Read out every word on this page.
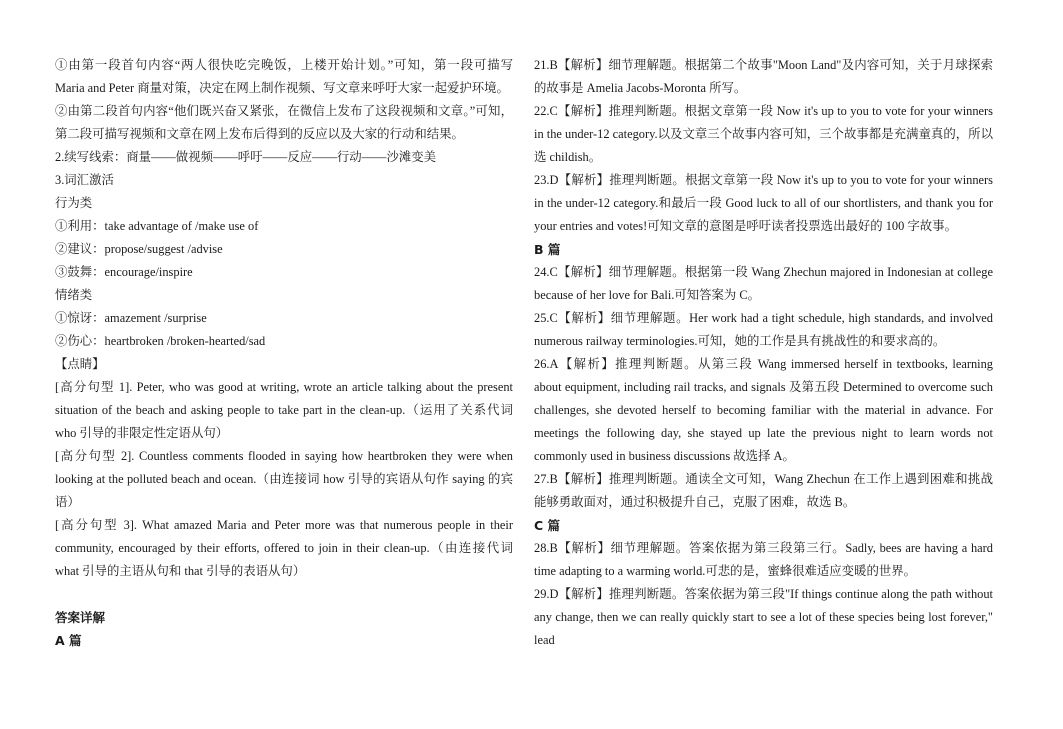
①由第一段首句内容“两人很快吃完晚饭，上楼开始计划。”可知，第一段可描写 Maria and Peter 商量对策，决定在网上制作视频、写文章来呼吁大家一起爱护环境。

②由第二段首句内容“他们既兴奋又紧张，在微信上发布了这段视频和文章。”可知，第二段可描写视频和文章在网上发布后得到的反应以及大家的行动和结果。

2.续写线索：商量——做视频——呼吁——反应——行动——沙滩变美

3.词汇激活

行为类

①利用：take advantage of /make use of

②建议：propose/suggest /advise

③鼓舞：encourage/inspire

情绪类

①惊讶：amazement /surprise

②伤心：heartbroken /broken-hearted/sad

【点睛】

[高分句型 1]. Peter, who was good at writing, wrote an article talking about the present situation of the beach and asking people to take part in the clean-up.（运用了关系代词 who 引导的非限定性定语从句）

[高分句型 2]. Countless comments flooded in saying how heartbroken they were when looking at the polluted beach and ocean.（由连接词 how 引导的宾语从句作 saying 的宾语）

[高分句型 3]. What amazed Maria and Peter more was that numerous people in their community, encouraged by their efforts, offered to join in their clean-up.（由连接代词 what 引导的主语从句和 that 引导的表语从句）

答案详解

A 篇

21.B【解析】细节理解题。根据第二个故事"Moon Land"及内容可知，关于月球探索的故事是 Amelia Jacobs-Moronta 所写。

22.C【解析】推理判断题。根据文章第一段 Now it's up to you to vote for your winners in the under-12 category.以及文章三个故事内容可知，三个故事都是充满童真的，所以选 childish。

23.D【解析】推理判断题。根据文章第一段 Now it's up to you to vote for your winners in the under-12 category.和最后一段 Good luck to all of our shortlisters, and thank you for your entries and votes!可知文章的意图是呼吁读者投票选出最好的 100 字故事。

B 篇

24.C【解析】细节理解题。根据第一段 Wang Zhechun majored in Indonesian at college because of her love for Bali.可知答案为 C。

25.C【解析】细节理解题。Her work had a tight schedule, high standards, and involved numerous railway terminologies.可知，她的工作是具有挑战性的和要求高的。

26.A【解析】推理判断题。从第三段 Wang immersed herself in textbooks, learning about equipment, including rail tracks, and signals 及第五段 Determined to overcome such challenges, she devoted herself to becoming familiar with the material in advance. For meetings the following day, she stayed up late the previous night to learn words not commonly used in business discussions 故选择 A。

27.B【解析】推理判断题。通读全文可知，Wang Zhechun 在工作上遇到困难和挑战能够勇敢面对，通过积极提升自己，克服了困难，故选 B。

C 篇

28.B【解析】细节理解题。答案依据为第三段第三行。Sadly, bees are having a hard time adapting to a warming world.可悲的是，蜜蜂很难适应变暖的世界。

29.D【解析】推理判断题。答案依据为第三段"If things continue along the path without any change, then we can really quickly start to see a lot of these species being lost forever," lead
